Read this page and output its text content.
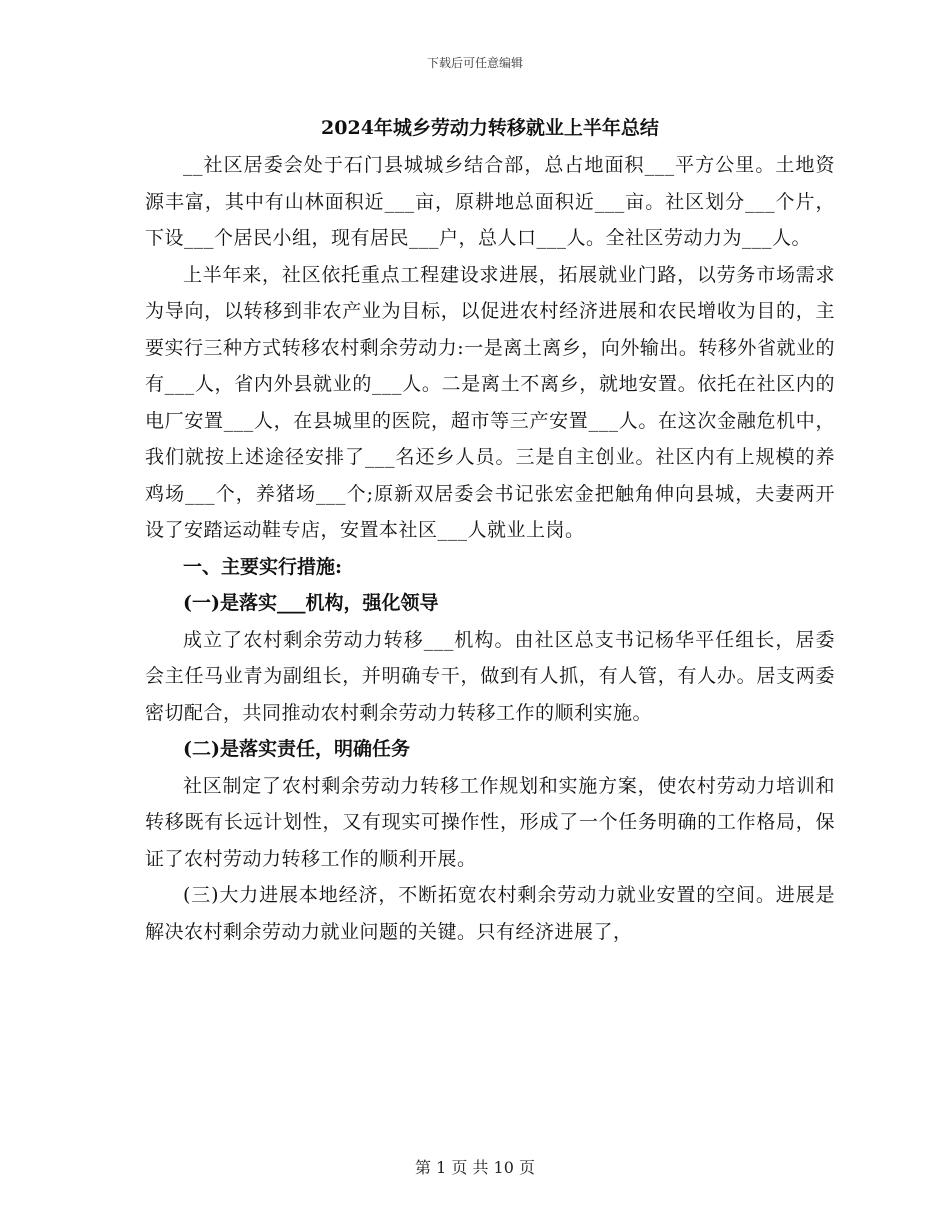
下载后可任意编辑
2024年城乡劳动力转移就业上半年总结

__社区居委会处于石门县城城乡结合部，总占地面积___平方公里。土地资源丰富，其中有山林面积近___亩，原耕地总面积近___亩。社区划分___个片，下设___个居民小组，现有居民___户，总人口___人。全社区劳动力为___人。

上半年来，社区依托重点工程建设求进展，拓展就业门路，以劳务市场需求为导向，以转移到非农产业为目标，以促进农村经济进展和农民增收为目的，主要实行三种方式转移农村剩余劳动力:一是离土离乡，向外输出。转移外省就业的有___人，省内外县就业的___人。二是离土不离乡，就地安置。依托在社区内的电厂安置___人，在县城里的医院，超市等三产安置___人。在这次金融危机中，我们就按上述途径安排了___名还乡人员。三是自主创业。社区内有上规模的养鸡场___个，养猪场___个;原新双居委会书记张宏金把触角伸向县城，夫妻两开设了安踏运动鞋专店，安置本社区___人就业上岗。

一、主要实行措施:

(一)是落实___机构，强化领导

成立了农村剩余劳动力转移___机构。由社区总支书记杨华平任组长，居委会主任马业青为副组长，并明确专干，做到有人抓，有人管，有人办。居支两委密切配合，共同推动农村剩余劳动力转移工作的顺利实施。

(二)是落实责任，明确任务

社区制定了农村剩余劳动力转移工作规划和实施方案，使农村劳动力培训和转移既有长远计划性，又有现实可操作性，形成了一个任务明确的工作格局，保证了农村劳动力转移工作的顺利开展。

(三)大力进展本地经济，不断拓宽农村剩余劳动力就业安置的空间。进展是解决农村剩余劳动力就业问题的关键。只有经济进展了，

第 1 页 共 10 页
